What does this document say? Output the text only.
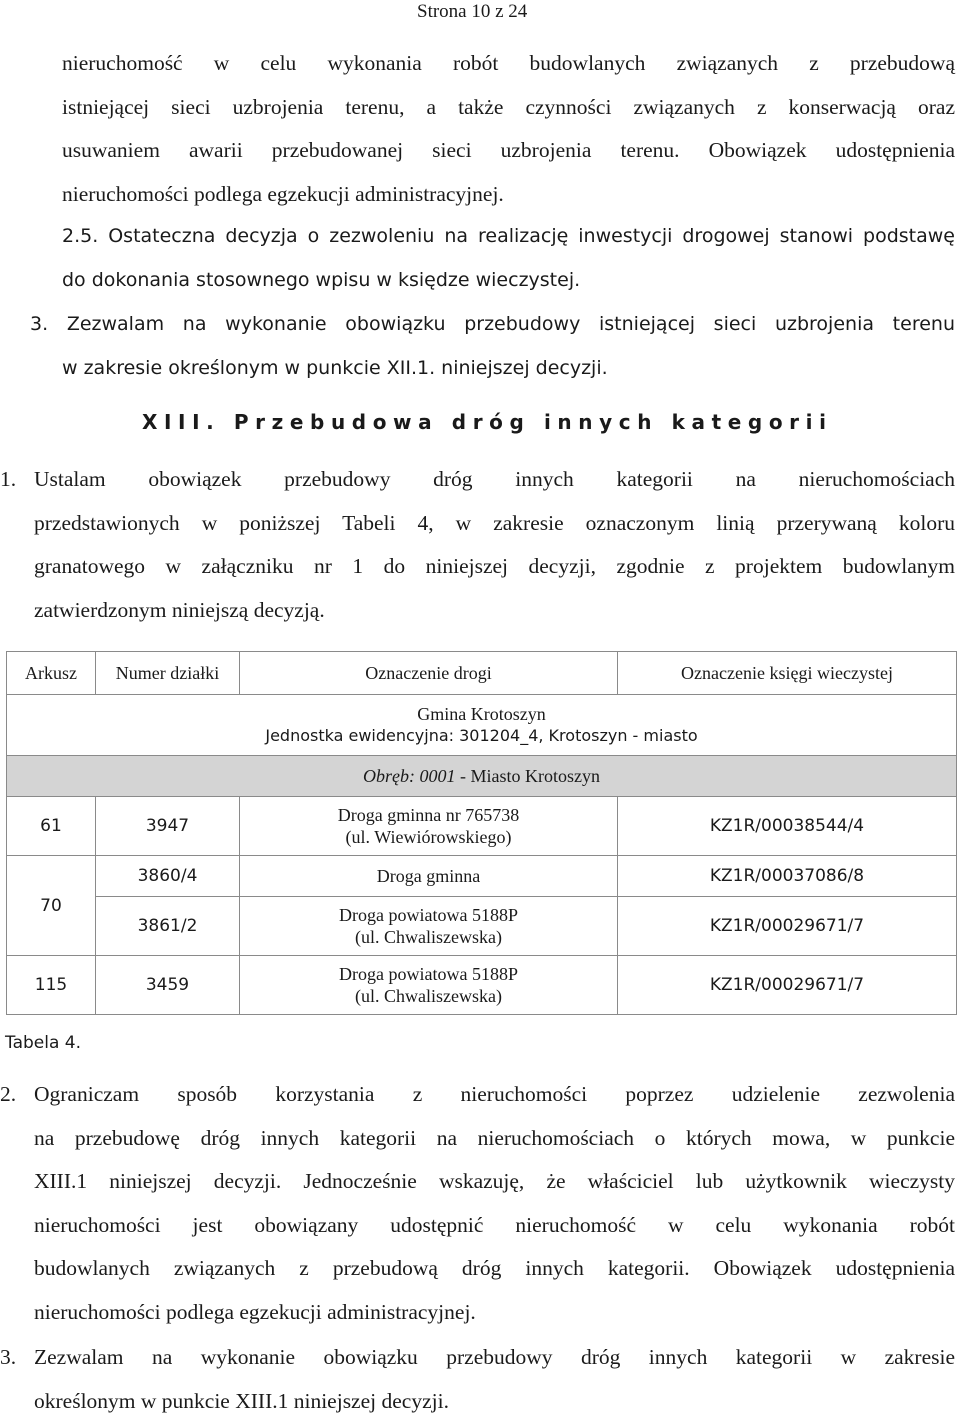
Strona 10 z 24
nieruchomość w celu wykonania robót budowlanych związanych z przebudową
istniejącej sieci uzbrojenia terenu, a także czynności związanych z konserwacją oraz
usuwaniem awarii przebudowanej sieci uzbrojenia terenu. Obowiązek udostępnienia
nieruchomości podlega egzekucji administracyjnej.
2.5. Ostateczna decyzja o zezwoleniu na realizację inwestycji drogowej stanowi podstawę
do dokonania stosownego wpisu w księdze wieczystej.
3. Zezwalam na wykonanie obowiązku przebudowy istniejącej sieci uzbrojenia terenu
w zakresie określonym w punkcie XII.1. niniejszej decyzji.
XIII. Przebudowa dróg innych kategorii
1. Ustalam obowiązek przebudowy dróg innych kategorii na nieruchomościach
przedstawionych w poniższej Tabeli 4, w zakresie oznaczonym linią przerywaną koloru
granatowego w załączniku nr 1 do niniejszej decyzji, zgodnie z projektem budowlanym
zatwierdzonym niniejszą decyzją.
Arkusz	Numer działki	Oznaczenie drogi	Oznaczenie księgi wieczystej

Gmina Krotoszyn
Jednostka ewidencyjna: 301204_4, Krotoszyn - miasto			

Obręb: 0001 - Miasto Krotoszyn			
61	3947	Droga gminna nr 765738
(ul. Wiewiórowskiego)	KZ1R/00038544/4
70	3860/4	Droga gminna	KZ1R/00037086/8
	3861/2	Droga powiatowa 5188P
(ul. Chwaliszewska)	KZ1R/00029671/7
115	3459	Droga powiatowa 5188P
(ul. Chwaliszewska)	KZ1R/00029671/7
Tabela 4.
2. Ograniczam sposób korzystania z nieruchomości poprzez udzielenie zezwolenia
na przebudowę dróg innych kategorii na nieruchomościach o których mowa, w punkcie
XIII.1 niniejszej decyzji. Jednocześnie wskazuję, że właściciel lub użytkownik wieczysty
nieruchomości jest obowiązany udostępnić nieruchomość w celu wykonania robót
budowlanych związanych z przebudową dróg innych kategorii. Obowiązek udostępnienia
nieruchomości podlega egzekucji administracyjnej.
3. Zezwalam na wykonanie obowiązku przebudowy dróg innych kategorii w zakresie
określonym w punkcie XIII.1 niniejszej decyzji.
